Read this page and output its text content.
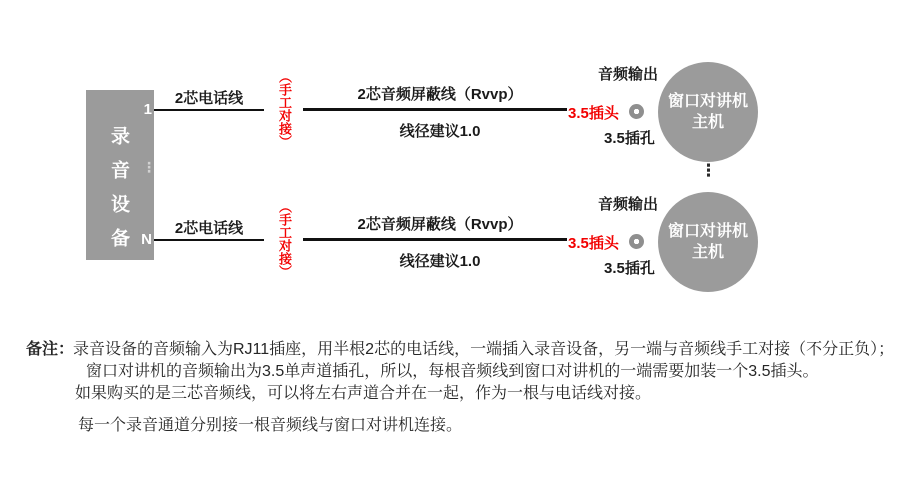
录音设备
1
N
⋮
2芯电话线	（手工对接）	2芯音频屏蔽线（Rvvp）
线径建议1.0
音频输出
3.5插头
3.5插孔
窗口对讲机
主机
⋮
2芯电话线	（手工对接）	2芯音频屏蔽线（Rvvp）
线径建议1.0
音频输出
3.5插头
3.5插孔
窗口对讲机
主机
备注：
录音设备的音频输入为RJ11插座，用半根2芯的电话线，一端插入录音设备，另一端与音频线手工对接（不分正负）；
窗口对讲机的音频输出为3.5单声道插孔，所以，每根音频线到窗口对讲机的一端需要加装一个3.5插头。
如果购买的是三芯音频线，可以将左右声道合并在一起，作为一根与电话线对接。
每一个录音通道分别接一根音频线与窗口对讲机连接。
